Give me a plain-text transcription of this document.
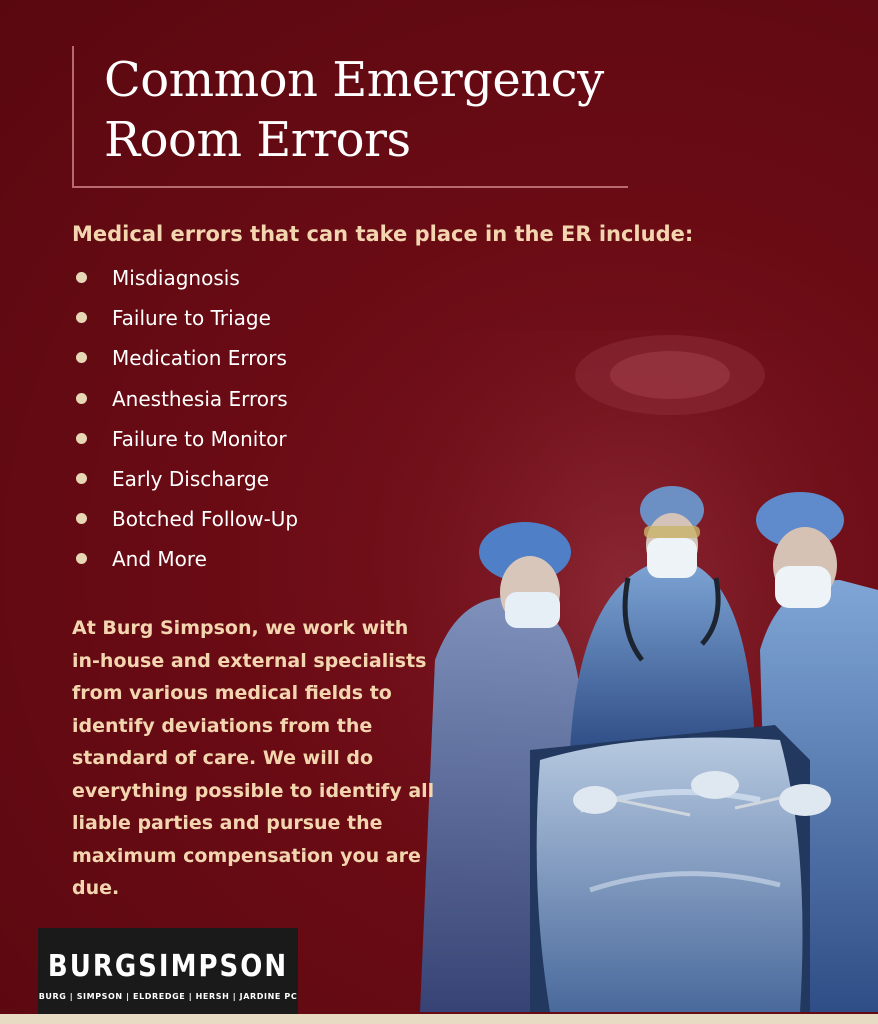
Common Emergency Room Errors

Medical errors that can take place in the ER include:

Misdiagnosis
Failure to Triage
Medication Errors
Anesthesia Errors
Failure to Monitor
Early Discharge
Botched Follow-Up
And More

At Burg Simpson, we work with in-house and external specialists from various medical fields to identify deviations from the standard of care. We will do everything possible to identify all liable parties and pursue the maximum compensation you are due.

BURGSIMPSON
BURG | SIMPSON | ELDREDGE | HERSH | JARDINE PC
